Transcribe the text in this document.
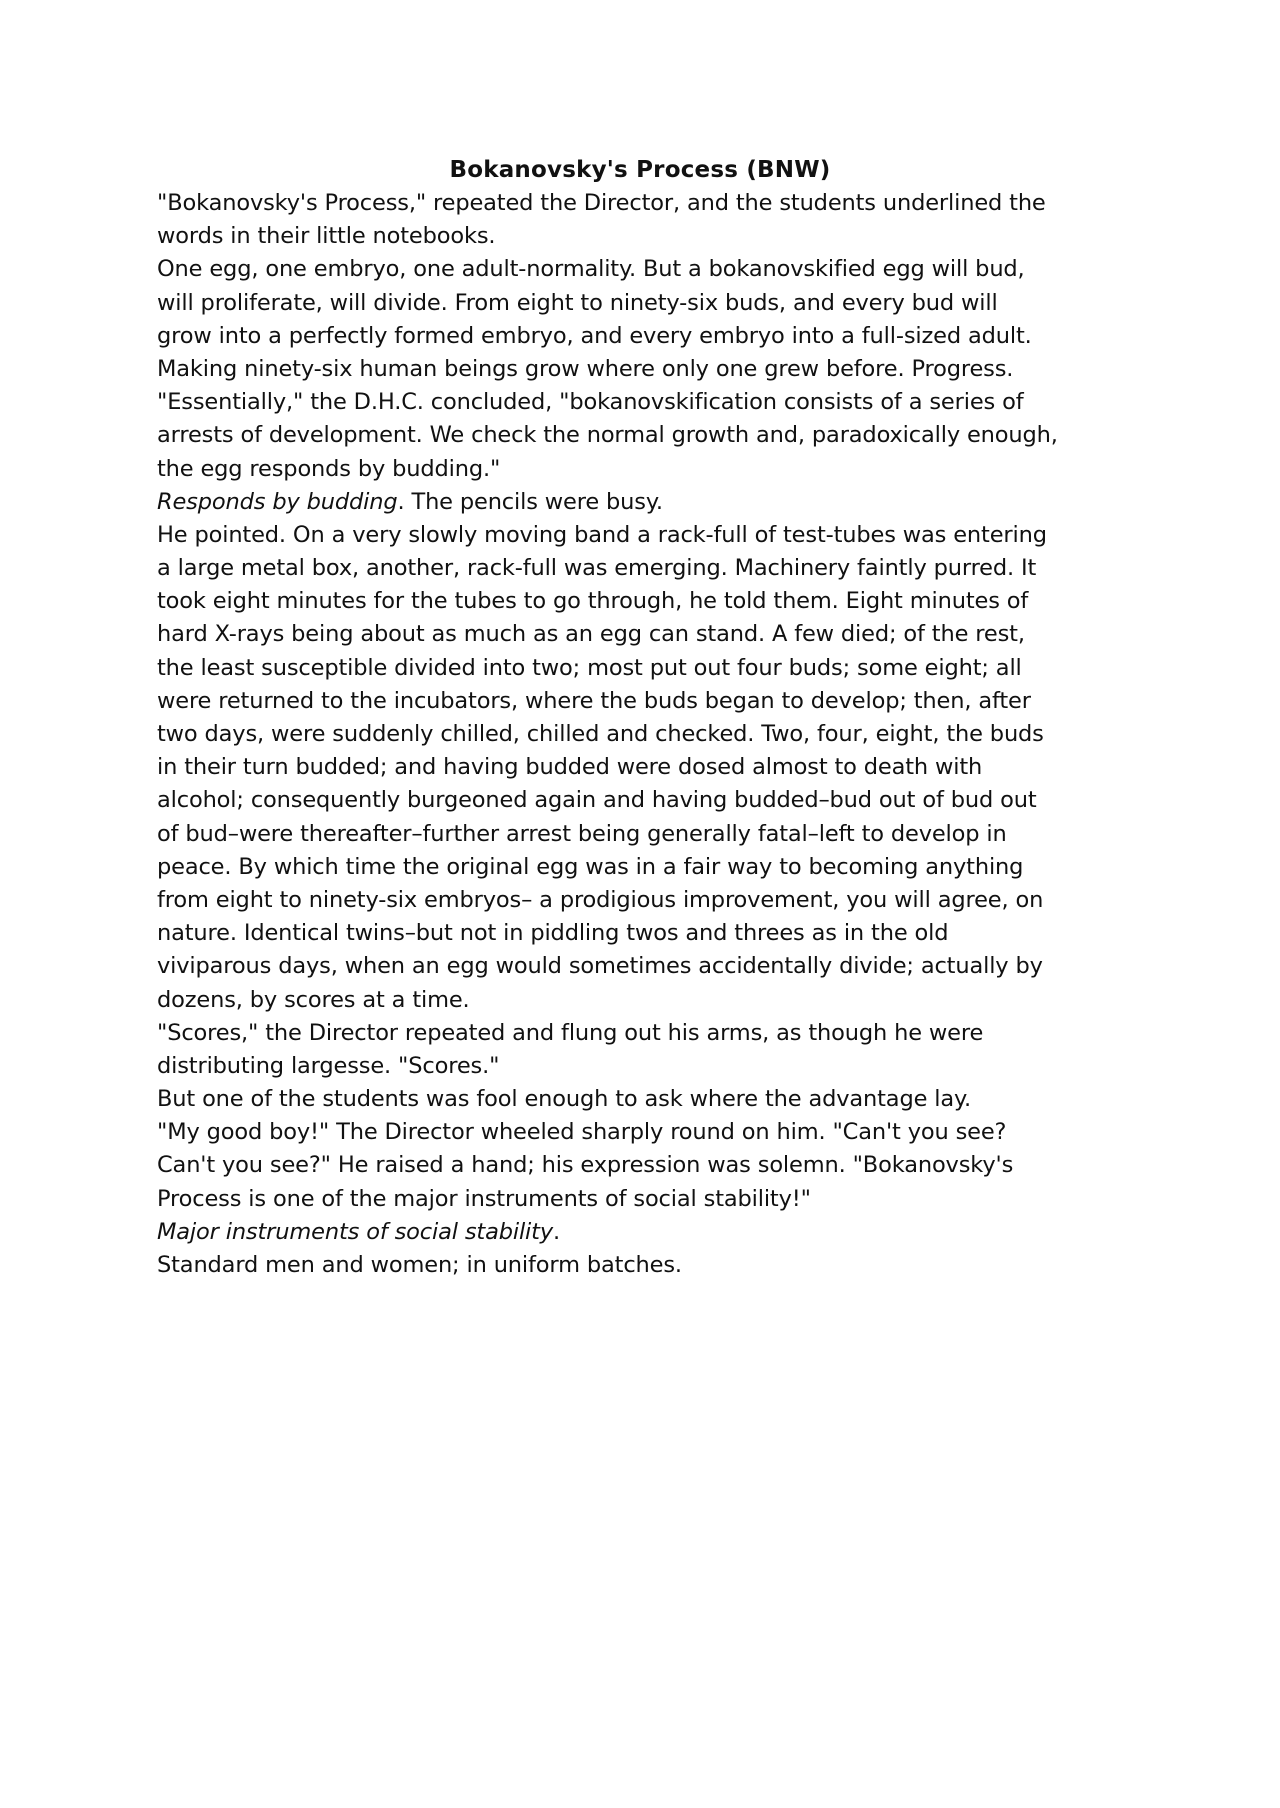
Bokanovsky's Process (BNW)
"Bokanovsky's Process," repeated the Director, and the students underlined the
words in their little notebooks.
One egg, one embryo, one adult-normality. But a bokanovskified egg will bud,
will proliferate, will divide. From eight to ninety-six buds, and every bud will
grow into a perfectly formed embryo, and every embryo into a full-sized adult.
Making ninety-six human beings grow where only one grew before. Progress.
"Essentially," the D.H.C. concluded, "bokanovskification consists of a series of
arrests of development. We check the normal growth and, paradoxically enough,
the egg responds by budding."
Responds by budding. The pencils were busy.
He pointed. On a very slowly moving band a rack-full of test-tubes was entering
a large metal box, another, rack-full was emerging. Machinery faintly purred. It
took eight minutes for the tubes to go through, he told them. Eight minutes of
hard X-rays being about as much as an egg can stand. A few died; of the rest,
the least susceptible divided into two; most put out four buds; some eight; all
were returned to the incubators, where the buds began to develop; then, after
two days, were suddenly chilled, chilled and checked. Two, four, eight, the buds
in their turn budded; and having budded were dosed almost to death with
alcohol; consequently burgeoned again and having budded–bud out of bud out
of bud–were thereafter–further arrest being generally fatal–left to develop in
peace. By which time the original egg was in a fair way to becoming anything
from eight to ninety-six embryos– a prodigious improvement, you will agree, on
nature. Identical twins–but not in piddling twos and threes as in the old
viviparous days, when an egg would sometimes accidentally divide; actually by
dozens, by scores at a time.
"Scores," the Director repeated and flung out his arms, as though he were
distributing largesse. "Scores."
But one of the students was fool enough to ask where the advantage lay.
"My good boy!" The Director wheeled sharply round on him. "Can't you see?
Can't you see?" He raised a hand; his expression was solemn. "Bokanovsky's
Process is one of the major instruments of social stability!"
Major instruments of social stability.
Standard men and women; in uniform batches.
